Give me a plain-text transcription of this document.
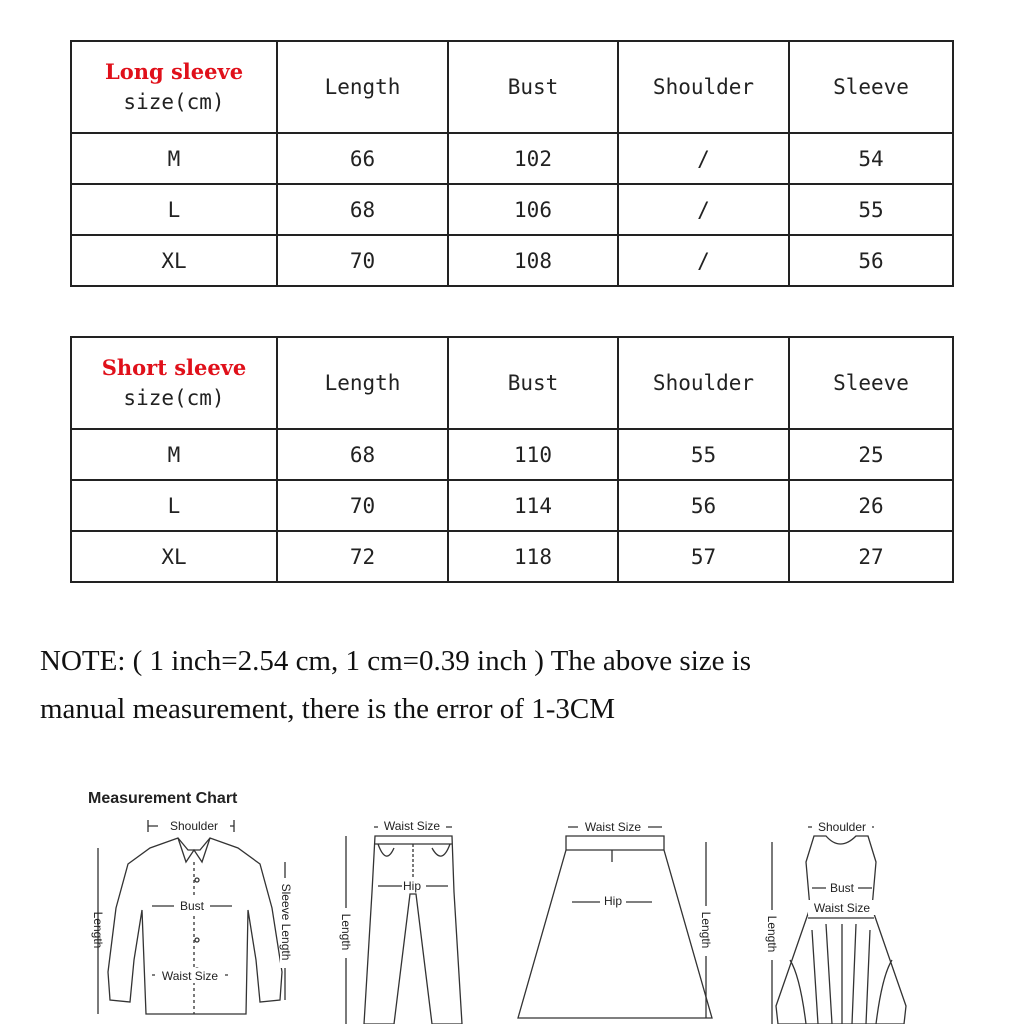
Long sleeve
size(cm)	Length	Bust	Shoulder	Sleeve
M	66	102	/	54
L	68	106	/	55
XL	70	108	/	56
Short sleeve
size(cm)	Length	Bust	Shoulder	Sleeve
M	68	110	55	25
L	70	114	56	26
XL	72	118	57	27
NOTE: ( 1 inch=2.54 cm, 1 cm=0.39 inch ) The above size is
manual measurement, there is the error of 1-3CM
Measurement Chart
Shoulder
Bust
Waist Size
Length	Sleeve Length
Waist Size
Hip
Length
Waist Size
Hip
Length
Shoulder
Bust
Waist Size
Length
